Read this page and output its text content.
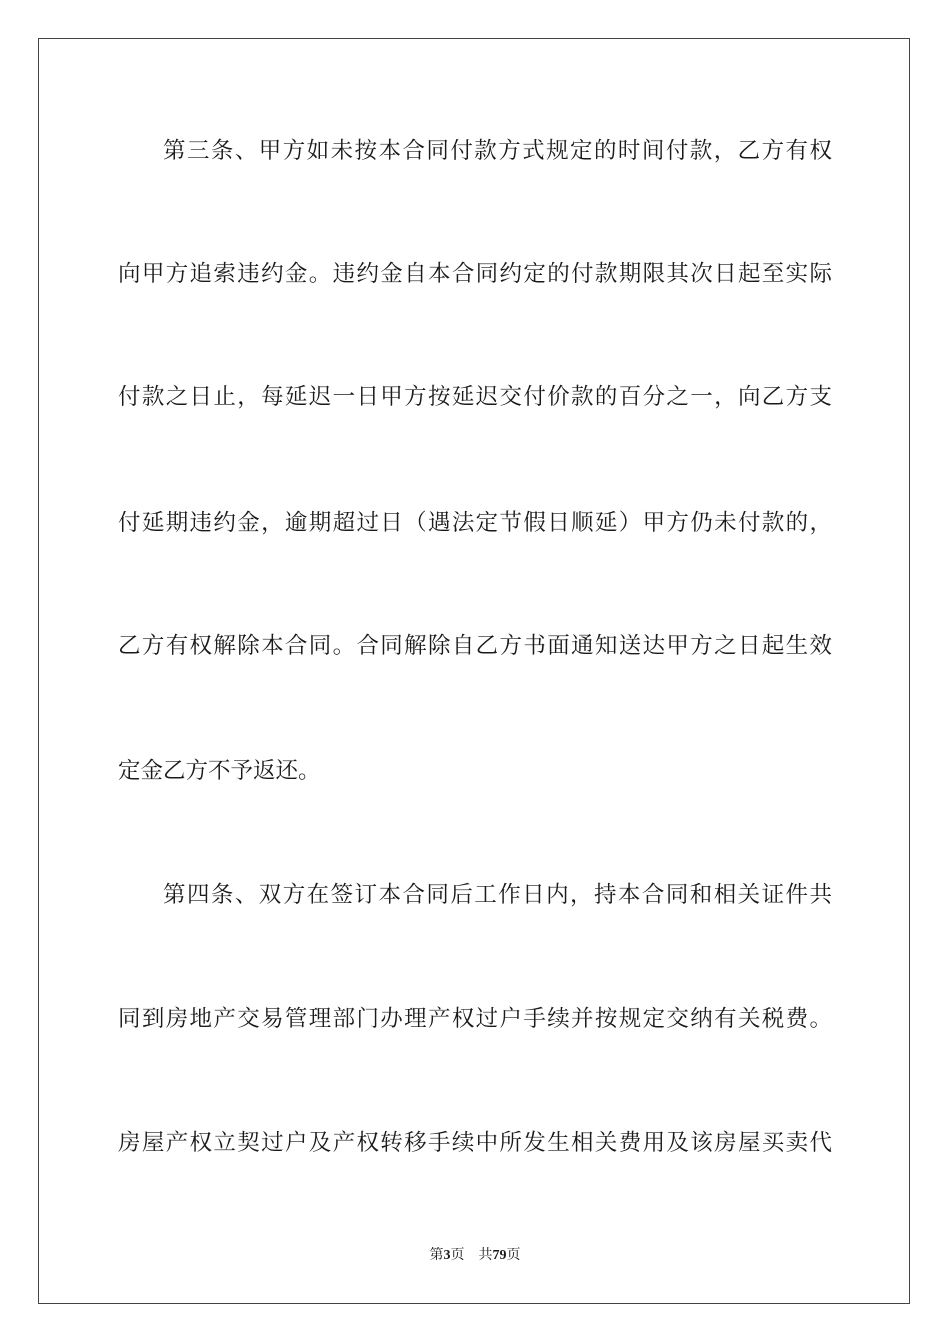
第三条、甲方如未按本合同付款方式规定的时间付款，乙方有权
向甲方追索违约金。违约金自本合同约定的付款期限其次日起至实际
付款之日止，每延迟一日甲方按延迟交付价款的百分之一，向乙方支
付延期违约金，逾期超过日（遇法定节假日顺延）甲方仍未付款的，
乙方有权解除本合同。合同解除自乙方书面通知送达甲方之日起生效
定金乙方不予返还。
第四条、双方在签订本合同后工作日内，持本合同和相关证件共
同到房地产交易管理部门办理产权过户手续并按规定交纳有关税费。
房屋产权立契过户及产权转移手续中所发生相关费用及该房屋买卖代
第3页 共79页
